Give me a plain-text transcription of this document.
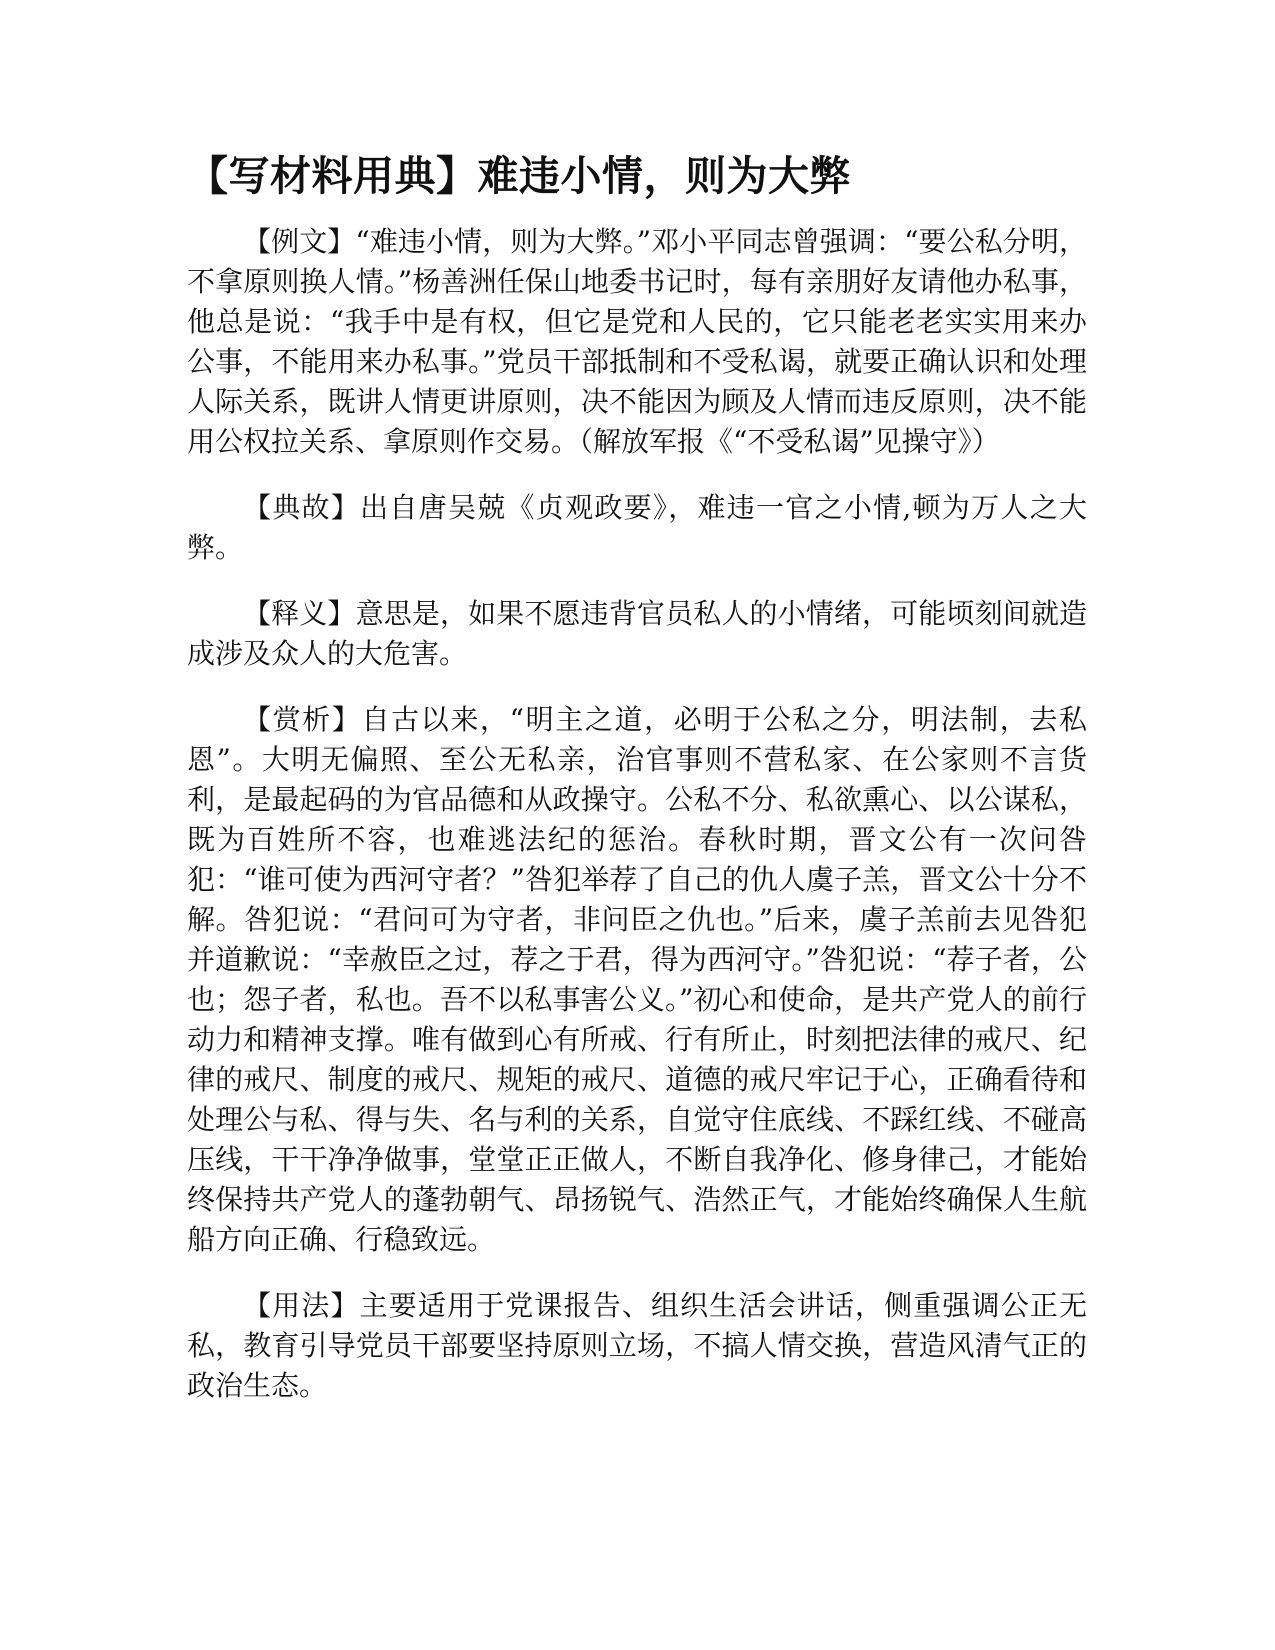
【写材料用典】难违小情，则为大弊

【例文】“难违小情，则为大弊。”邓小平同志曾强调：“要公私分明，不拿原则换人情。”杨善洲任保山地委书记时，每有亲朋好友请他办私事，他总是说：“我手中是有权，但它是党和人民的，它只能老老实实用来办公事，不能用来办私事。”党员干部抵制和不受私谒，就要正确认识和处理人际关系，既讲人情更讲原则，决不能因为顾及人情而违反原则，决不能用公权拉关系、拿原则作交易。（解放军报《“不受私谒”见操守》）

【典故】出自唐吴兢《贞观政要》，难违一官之小情,顿为万人之大弊。

【释义】意思是，如果不愿违背官员私人的小情绪，可能顷刻间就造成涉及众人的大危害。

【赏析】自古以来，“明主之道，必明于公私之分，明法制，去私恩”。大明无偏照、至公无私亲，治官事则不营私家、在公家则不言货利，是最起码的为官品德和从政操守。公私不分、私欲熏心、以公谋私，既为百姓所不容，也难逃法纪的惩治。春秋时期，晋文公有一次问咎犯：“谁可使为西河守者？”咎犯举荐了自己的仇人虞子羔，晋文公十分不解。咎犯说：“君问可为守者，非问臣之仇也。”后来，虞子羔前去见咎犯并道歉说：“幸赦臣之过，荐之于君，得为西河守。”咎犯说：“荐子者，公也；怨子者，私也。吾不以私事害公义。”初心和使命，是共产党人的前行动力和精神支撑。唯有做到心有所戒、行有所止，时刻把法律的戒尺、纪律的戒尺、制度的戒尺、规矩的戒尺、道德的戒尺牢记于心，正确看待和处理公与私、得与失、名与利的关系，自觉守住底线、不踩红线、不碰高压线，干干净净做事，堂堂正正做人，不断自我净化、修身律己，才能始终保持共产党人的蓬勃朝气、昂扬锐气、浩然正气，才能始终确保人生航船方向正确、行稳致远。

【用法】主要适用于党课报告、组织生活会讲话，侧重强调公正无私，教育引导党员干部要坚持原则立场，不搞人情交换，营造风清气正的政治生态。
